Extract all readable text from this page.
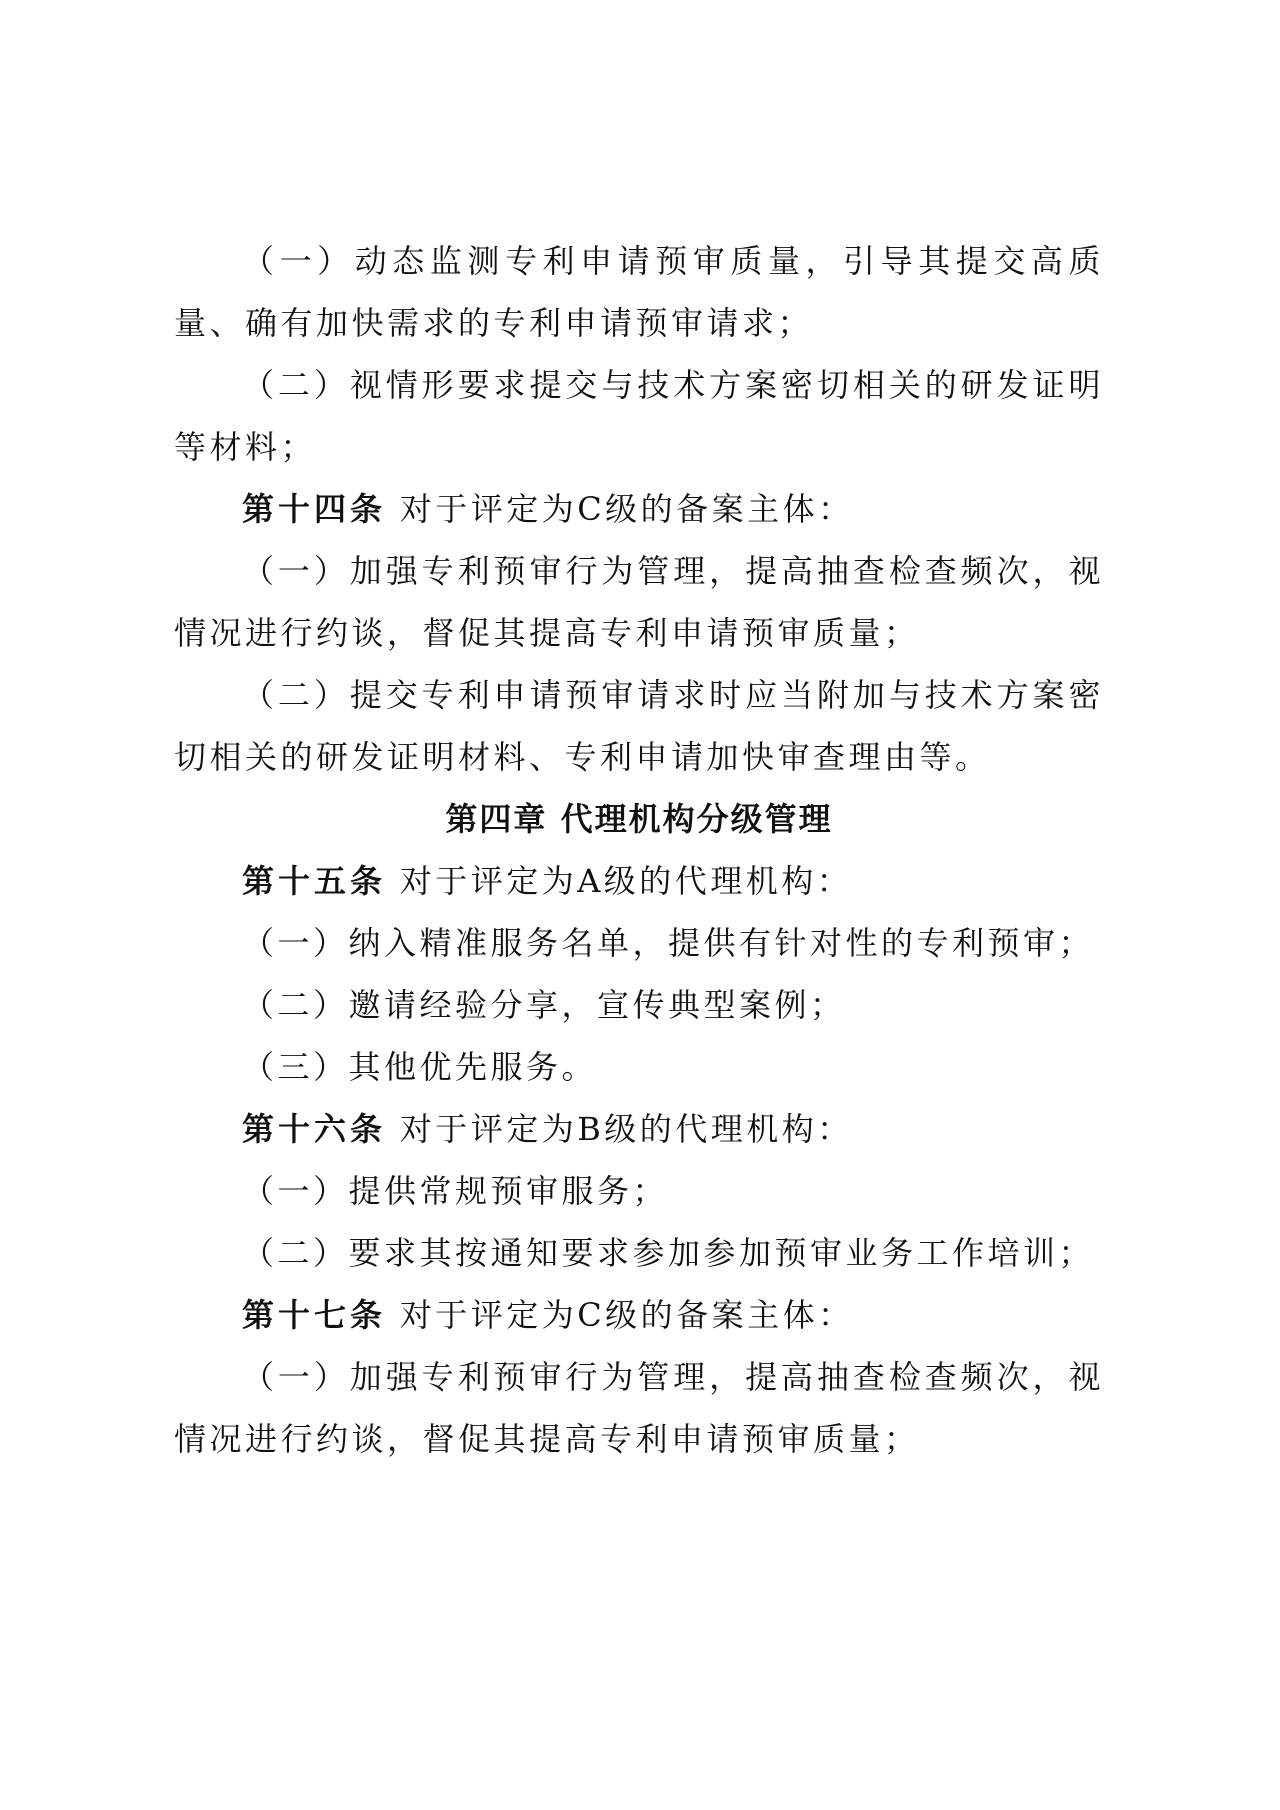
（一）动态监测专利申请预审质量，引导其提交高质量、确有加快需求的专利申请预审请求；

（二）视情形要求提交与技术方案密切相关的研发证明等材料；

第十四条 对于评定为C级的备案主体：

（一）加强专利预审行为管理，提高抽查检查频次，视情况进行约谈，督促其提高专利申请预审质量；

（二）提交专利申请预审请求时应当附加与技术方案密切相关的研发证明材料、专利申请加快审查理由等。

第四章 代理机构分级管理

第十五条 对于评定为A级的代理机构：

（一）纳入精准服务名单，提供有针对性的专利预审；

（二）邀请经验分享，宣传典型案例；

（三）其他优先服务。

第十六条 对于评定为B级的代理机构：

（一）提供常规预审服务；

（二）要求其按通知要求参加参加预审业务工作培训；

第十七条 对于评定为C级的备案主体：

（一）加强专利预审行为管理，提高抽查检查频次，视情况进行约谈，督促其提高专利申请预审质量；
